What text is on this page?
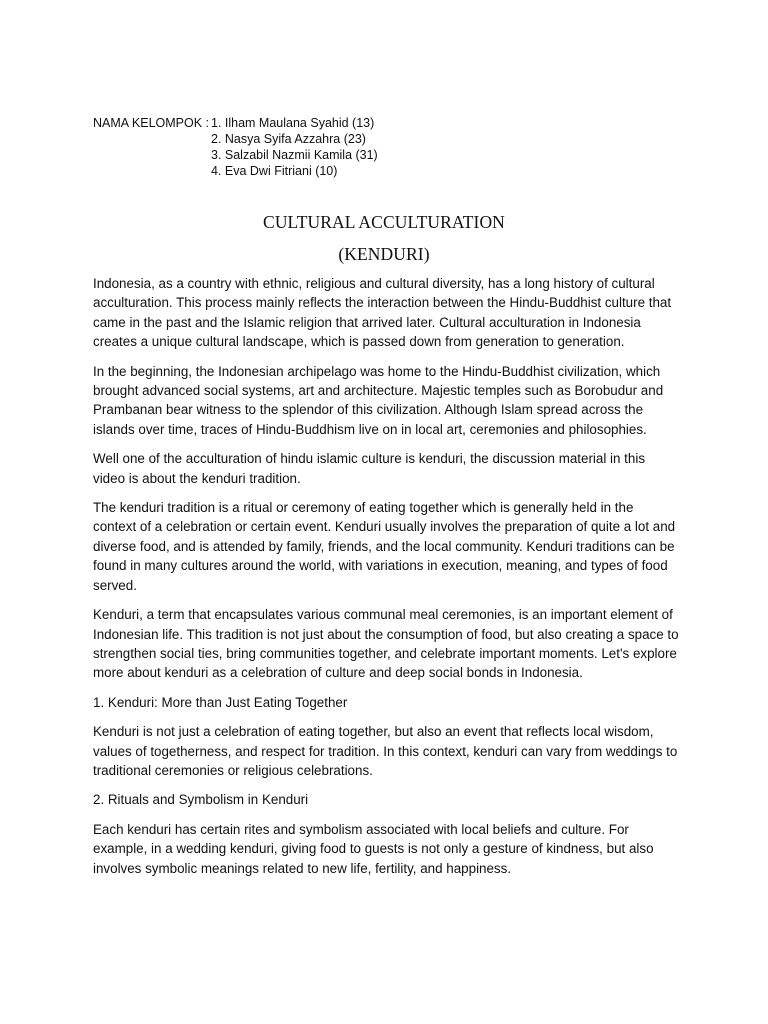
NAMA KELOMPOK : 1. Ilham Maulana Syahid (13)
2. Nasya Syifa Azzahra (23)
3. Salzabil Nazmii Kamila (31)
4. Eva Dwi Fitriani (10)
CULTURAL ACCULTURATION
(KENDURI)

Indonesia, as a country with ethnic, religious and cultural diversity, has a long history of cultural acculturation. This process mainly reflects the interaction between the Hindu-Buddhist culture that came in the past and the Islamic religion that arrived later. Cultural acculturation in Indonesia creates a unique cultural landscape, which is passed down from generation to generation.

In the beginning, the Indonesian archipelago was home to the Hindu-Buddhist civilization, which brought advanced social systems, art and architecture. Majestic temples such as Borobudur and Prambanan bear witness to the splendor of this civilization. Although Islam spread across the islands over time, traces of Hindu-Buddhism live on in local art, ceremonies and philosophies.

Well one of the acculturation of hindu islamic culture is kenduri, the discussion material in this video is about the kenduri tradition.

The kenduri tradition is a ritual or ceremony of eating together which is generally held in the context of a celebration or certain event. Kenduri usually involves the preparation of quite a lot and diverse food, and is attended by family, friends, and the local community. Kenduri traditions can be found in many cultures around the world, with variations in execution, meaning, and types of food served.

Kenduri, a term that encapsulates various communal meal ceremonies, is an important element of Indonesian life. This tradition is not just about the consumption of food, but also creating a space to strengthen social ties, bring communities together, and celebrate important moments. Let's explore more about kenduri as a celebration of culture and deep social bonds in Indonesia.

1. Kenduri: More than Just Eating Together

Kenduri is not just a celebration of eating together, but also an event that reflects local wisdom, values of togetherness, and respect for tradition. In this context, kenduri can vary from weddings to traditional ceremonies or religious celebrations.

2. Rituals and Symbolism in Kenduri

Each kenduri has certain rites and symbolism associated with local beliefs and culture. For example, in a wedding kenduri, giving food to guests is not only a gesture of kindness, but also involves symbolic meanings related to new life, fertility, and happiness.
